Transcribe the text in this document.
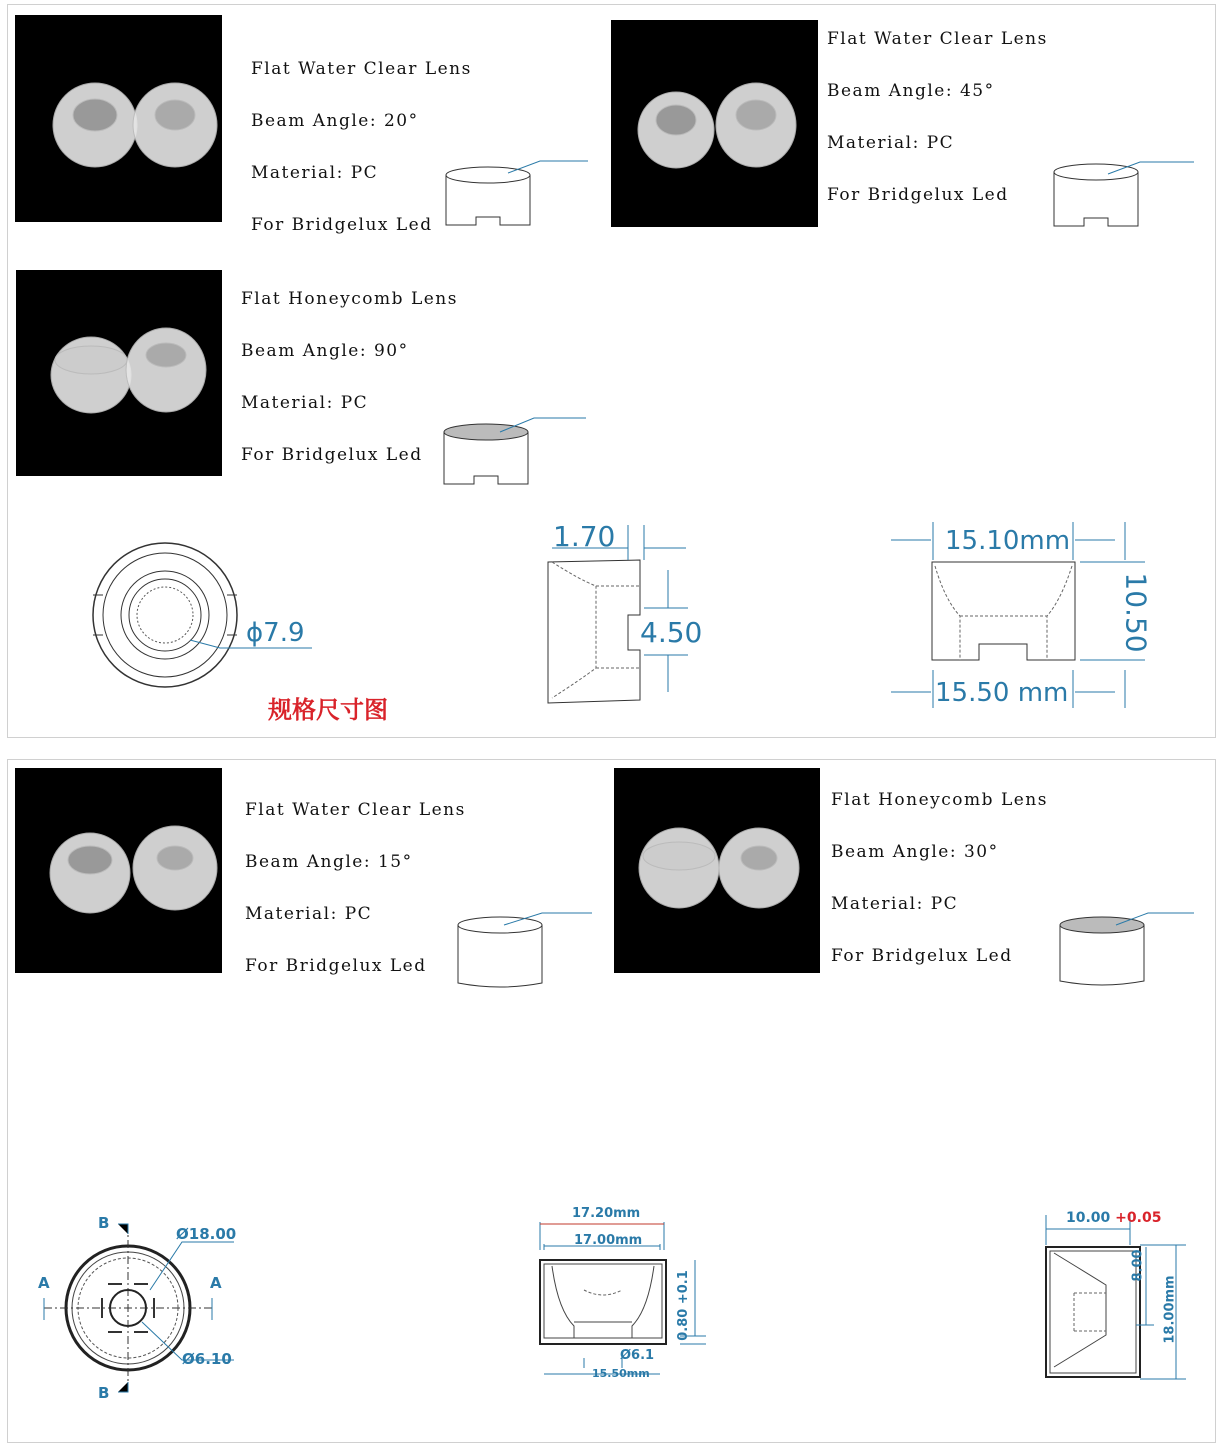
Flat Water Clear Lens
Beam Angle: 20°
Material: PC
For Bridgelux Led
Flat Water Clear Lens
Beam Angle: 45°
Material: PC
For Bridgelux Led
Flat Honeycomb Lens
Beam Angle: 90°
Material: PC
For Bridgelux Led
ϕ7.9
规格尺寸图
1.70
4.50
15.10mm
15.50 mm
10.50
Flat Water Clear Lens
Beam Angle: 15°
Material: PC
For Bridgelux Led
Flat Honeycomb Lens
Beam Angle: 30°
Material: PC
For Bridgelux Led
B
B
A	A
Ø18.00
Ø6.10
17.20mm
17.00mm
0.80 +0.1
Ø6.1
15.50mm
10.00 +0.05
8.00
18.00mm
